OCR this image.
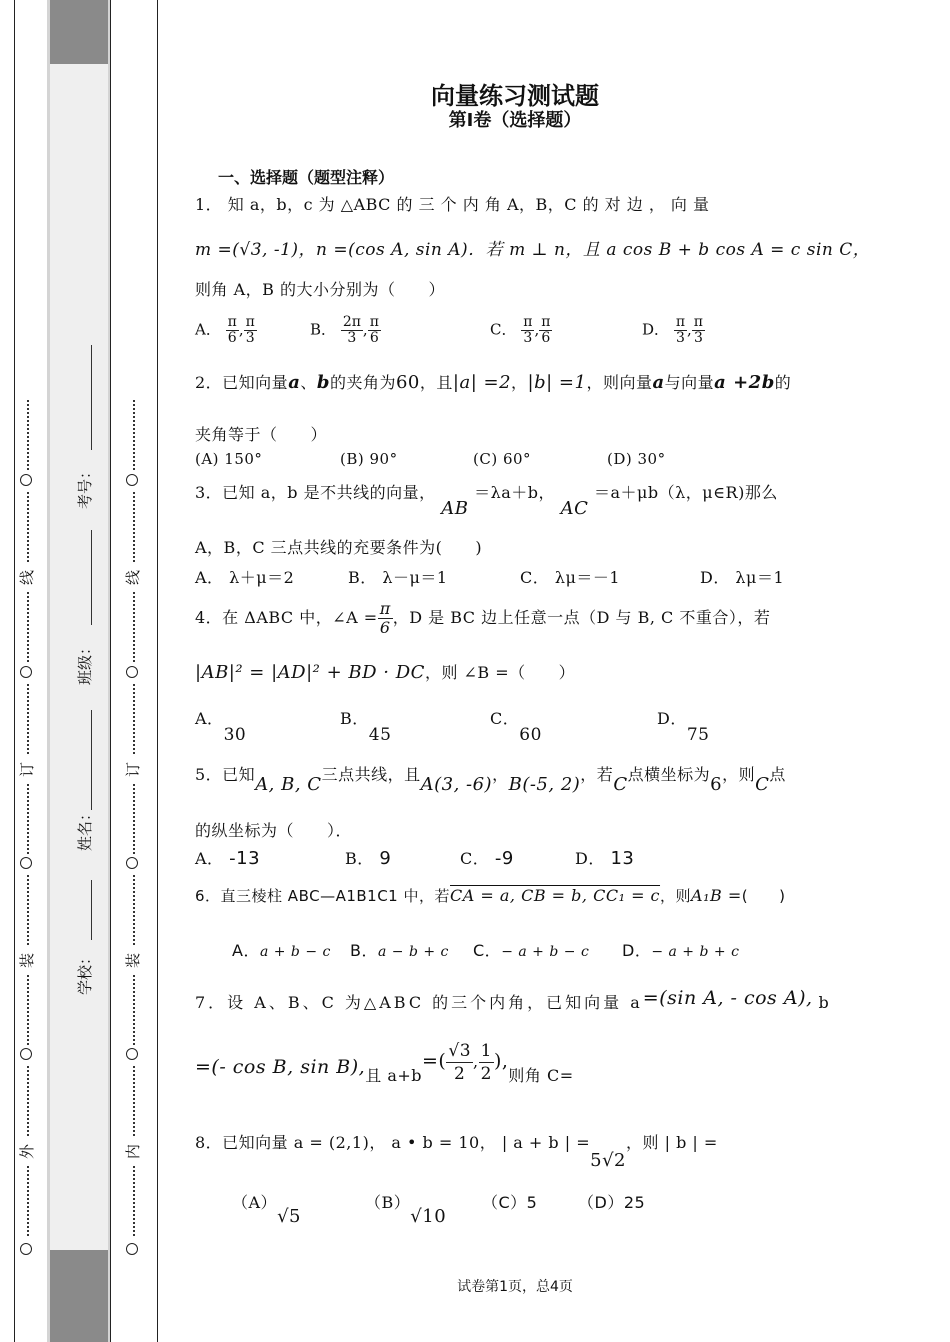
线
订
装
外
线
订
装
内
考号：
班级：
姓名：
学校：
向量练习测试题
第Ⅰ卷（选择题）
一、选择题（题型注释）
1． 知 a，b，c 为 △ABC 的 三 个 内 角 A，B，C 的 对 边 ， 向 量
m =(√3, -1)，n =(cos A, sin A)．若 m ⊥ n，且 a cos B + b cos A = c sin C，
则角 A，B 的大小分别为（　　）
A． $\frac{\pi}{6}$ , $\frac{\pi}{3}$	B． $\frac{2\pi}{3}$ , $\frac{\pi}{6}$	C． $\frac{\pi}{3}$ , $\frac{\pi}{6}$	D． $\frac{\pi}{3}$ , $\frac{\pi}{3}$
2．已知向量a、b的夹角为60，且|a| =2，|b| =1，则向量a与向量a +2b的
夹角等于（　　）
(A) 150°	(B) 90°	(C) 60°	(D) 30°
3．已知 a，b 是不共线的向量， AB ＝λa＋b， AC ＝a＋μb（λ，μ∈R)那么
A，B，C 三点共线的充要条件为(　　)
A． λ＋μ＝2	B． λ－μ＝1	C． λμ＝－1	D． λμ＝1
4．在 ΔABC 中，∠A = $\frac{\pi}{6}$ ，D 是 BC 边上任意一点（D 与 B, C 不重合），若
|AB|² = |AD|² + BD · DC，则 ∠B =（　　）
A．30
B．45
C．60
D．75
5．已知A, B, C三点共线，且A(3, -6)，B(-5, 2)，若C点横坐标为6，则C点
的纵坐标为（　　）．
A． -13	B． 9	C． -9	D． 13
6．直三棱柱 ABC—A1B1C1 中，若CA = a, CB = b, CC₁ = c，则A₁B =(　　)
A．a + b − c B．a − b + c C．− a + b − c D．− a + b + c
7．设 A、B、C 为△ABC 的三个内角，已知向量 a=(sin A, - cos A), b
=(- cos B, sin B),且 $a+b=( \frac{√3}{2}$ , $\frac{1}{2}$ ),则角 C=
8．已知向量 a = (2,1)， a • b = 10， | a + b | =5√2，则 | b | =
（A）√5
（B）√10
（C）5	（D）25
试卷第1页，总4页
